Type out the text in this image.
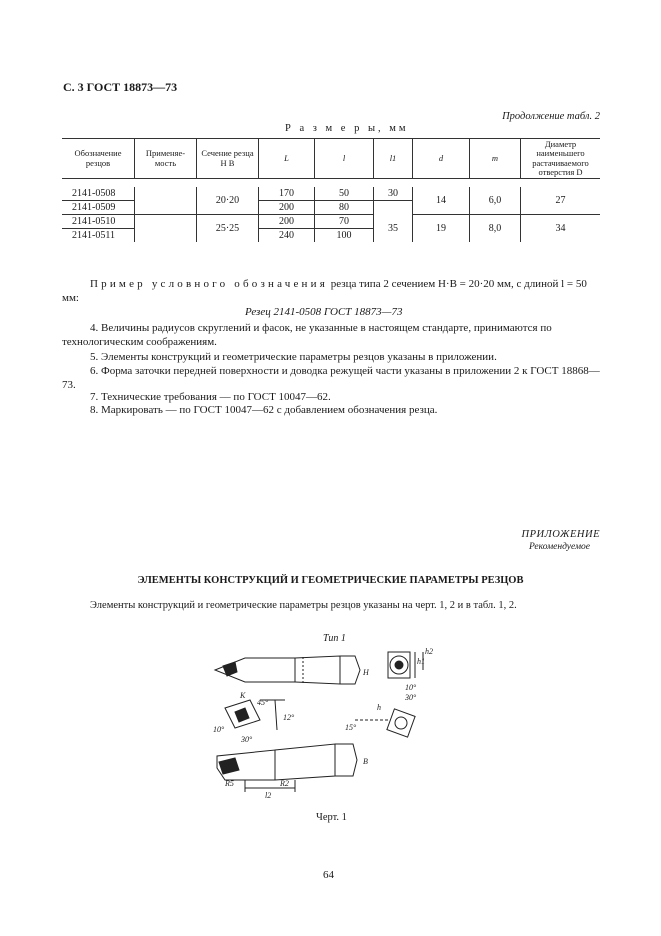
С. 3 ГОСТ 18873—73
Продолжение табл. 2
Р а з м е р ы, мм
Обозначение резцов	Применяе-мость	Сечение резца H B	L	l	l1	d	m	Диаметр наименьшего растачиваемого отверстия D

2141-0508		20·20	170	50	30	14	6,0	27
2141-0509			200	80				
2141-0510		25·25	200	70	35	19	8,0	34
2141-0511			240	100				
Пример условного обозначения резца типа 2 сечением H·B = 20·20 мм, с длиной l = 50 мм:
Резец 2141-0508 ГОСТ 18873—73
4. Величины радиусов скруглений и фасок, не указанные в настоящем стандарте, принимаются по технологическим соображениям.
5. Элементы конструкций и геометрические параметры резцов указаны в приложении.
6. Форма заточки передней поверхности и доводка режущей части указаны в приложении 2 к ГОСТ 18868—73.
7. Технические требования — по ГОСТ 10047—62.
8. Маркировать — по ГОСТ 10047—62 с добавлением обозначения резца.
ПРИЛОЖЕНИЕ
Рекомендуемое
ЭЛЕМЕНТЫ КОНСТРУКЦИЙ И ГЕОМЕТРИЧЕСКИЕ ПАРАМЕТРЫ РЕЗЦОВ
Элементы конструкций и геометрические параметры резцов указаны на черт. 1, 2 и в табл. 1, 2.
Тип 1
h1
h2
10°
30°
K
45°
12°
10°
30°
R5	R2
l2
B
H
15°
h
Черт. 1
64
